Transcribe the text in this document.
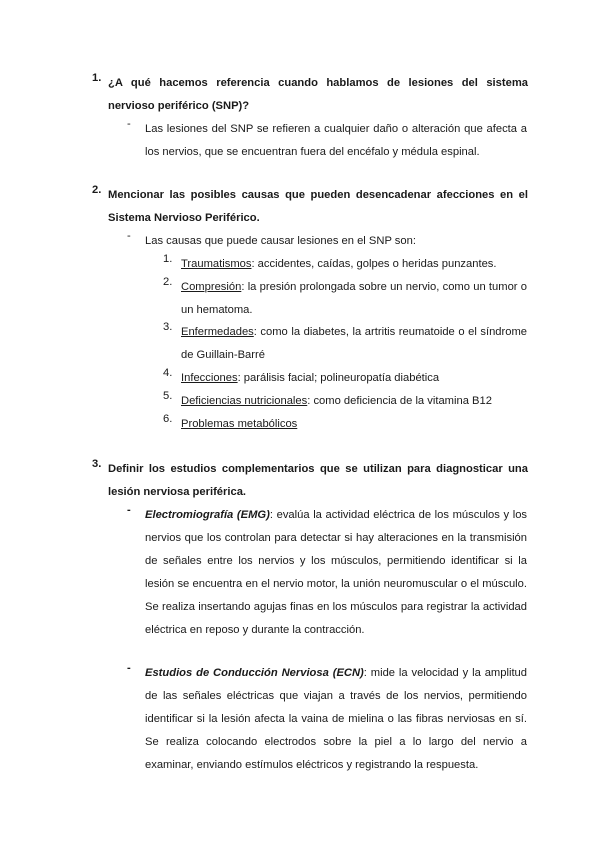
1. ¿A qué hacemos referencia cuando hablamos de lesiones del sistema nervioso periférico (SNP)?
- Las lesiones del SNP se refieren a cualquier daño o alteración que afecta a los nervios, que se encuentran fuera del encéfalo y médula espinal.
2. Mencionar las posibles causas que pueden desencadenar afecciones en el Sistema Nervioso Periférico.
- Las causas que puede causar lesiones en el SNP son:
1. Traumatismos: accidentes, caídas, golpes o heridas punzantes.
2. Compresión: la presión prolongada sobre un nervio, como un tumor o un hematoma.
3. Enfermedades: como la diabetes, la artritis reumatoide o el síndrome de Guillain-Barré
4. Infecciones: parálisis facial; polineuropatía diabética
5. Deficiencias nutricionales: como deficiencia de la vitamina B12
6. Problemas metabólicos
3. Definir los estudios complementarios que se utilizan para diagnosticar una lesión nerviosa periférica.
- Electromiografía (EMG): evalúa la actividad eléctrica de los músculos y los nervios que los controlan para detectar si hay alteraciones en la transmisión de señales entre los nervios y los músculos, permitiendo identificar si la lesión se encuentra en el nervio motor, la unión neuromuscular o el músculo. Se realiza insertando agujas finas en los músculos para registrar la actividad eléctrica en reposo y durante la contracción.
- Estudios de Conducción Nerviosa (ECN): mide la velocidad y la amplitud de las señales eléctricas que viajan a través de los nervios, permitiendo identificar si la lesión afecta la vaina de mielina o las fibras nerviosas en sí. Se realiza colocando electrodos sobre la piel a lo largo del nervio a examinar, enviando estímulos eléctricos y registrando la respuesta.
